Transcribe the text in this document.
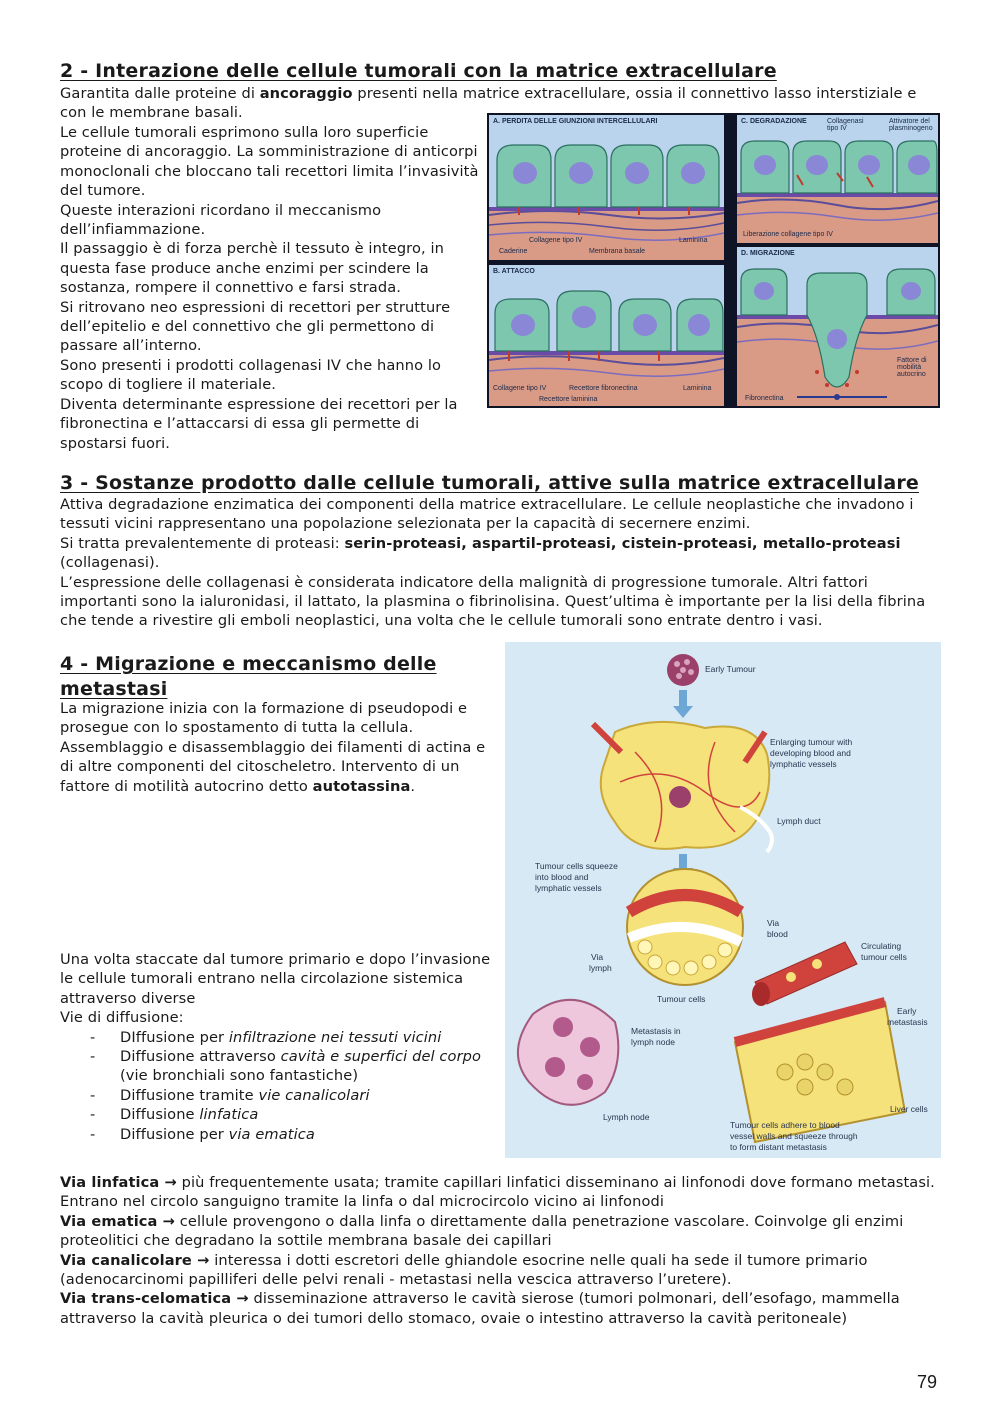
2 - Interazione delle cellule tumorali con la matrice extracellulare
Garantita dalle proteine di ancoraggio presenti nella matrice extracellulare, ossia il connettivo lasso interstiziale e con le membrane basali.

Le cellule tumorali esprimono sulla loro superficie proteine di ancoraggio. La somministrazione di anticorpi monoclonali che bloccano tali recettori limita l’invasività del tumore.

Queste interazioni ricordano il meccanismo dell’infiammazione.

Il passaggio è di forza perchè il tessuto è integro, in questa fase produce anche enzimi per scindere la sostanza, rompere il connettivo e farsi strada.

Si ritrovano neo espressioni di recettori per strutture dell’epitelio e del connettivo che gli permettono di passare all’interno.

Sono presenti i prodotti collagenasi IV che hanno lo scopo di togliere il materiale.

Diventa determinante espressione dei recettori per la fibronectina e l’attaccarsi di essa gli permette di spostarsi fuori.

A. PERDITA DELLE GIUNZIONI INTERCELLULARI
Collagene tipo IV	Laminina
Caderine	Membrana basale
C. DEGRADAZIONE	Collagenasi tipo IV
Attivatore del plasminogeno
Liberazione collagene tipo IV
B. ATTACCO
Collagene tipo IV	Recettore fibronectina	Laminina
Recettore laminina
D. MIGRAZIONE
Fattore di mobilità autocrino
Fibronectina
3 - Sostanze prodotto dalle cellule tumorali, attive sulla matrice extracellulare

Attiva degradazione enzimatica dei componenti della matrice extracellulare. Le cellule neoplastiche che invadono i tessuti vicini rappresentano una popolazione selezionata per la capacità di secernere enzimi.

Si tratta prevalentemente di proteasi: serin-proteasi, aspartil-proteasi, cistein-proteasi, metallo-proteasi (collagenasi).

L’espressione delle collagenasi è considerata indicatore della malignità di progressione tumorale. Altri fattori importanti sono la ialuronidasi, il lattato, la plasmina o fibrinolisina. Quest’ultima è importante per la lisi della fibrina che tende a rivestire gli emboli neoplastici, una volta che le cellule tumorali sono entrate dentro i vasi.

4 - Migrazione e meccanismo delle metastasi

La migrazione inizia con la formazione di pseudopodi e prosegue con lo spostamento di tutta la cellula. Assemblaggio e disassemblaggio dei filamenti di actina e di altre componenti del citoscheletro. Intervento di un fattore di motilità autocrino detto autotassina.

Una volta staccate dal tumore primario e dopo l’invasione le cellule tumorali entrano nella circolazione sistemica attraverso diverse

Vie di diffusione:

- DIffusione per infiltrazione nei tessuti vicini
- Diffusione attraverso cavità e superfici del corpo (vie bronchiali sono fantastiche)
- Diffusione tramite vie canalicolari
- Diffusione linfatica
- Diffusione per via ematica
Early Tumour
Enlarging tumour with
developing blood and
lymphatic vessels
Lymph duct
Tumour cells squeeze
into blood and
lymphatic vessels
Via
blood
Via
lymph
Circulating
tumour cells
Tumour cells
Metastasis in
lymph node
Lymph node
Early
metastasis
Liver cells
Tumour cells adhere to blood
vessel walls and squeeze through
to form distant metastasis

Via linfatica → più frequentemente usata; tramite capillari linfatici disseminano ai linfonodi dove formano metastasi. Entrano nel circolo sanguigno tramite la linfa o dal microcircolo vicino ai linfonodi

Via ematica → cellule provengono o dalla linfa o direttamente dalla penetrazione vascolare. Coinvolge gli enzimi proteolitici che degradano la sottile membrana basale dei capillari

Via canalicolare → interessa i dotti escretori delle ghiandole esocrine nelle quali ha sede il tumore primario (adenocarcinomi papilliferi delle pelvi renali - metastasi nella vescica attraverso l’uretere).

Via trans-celomatica → disseminazione attraverso le cavità sierose (tumori polmonari, dell’esofago, mammella attraverso la cavità pleurica o dei tumori dello stomaco, ovaie o intestino attraverso la cavità peritoneale)

79
